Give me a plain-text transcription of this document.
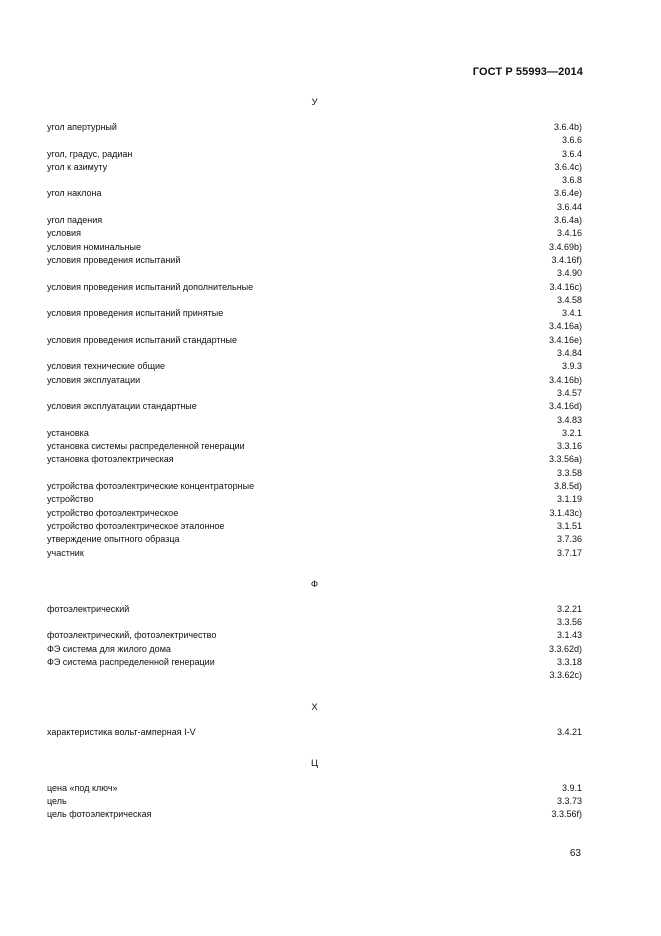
ГОСТ Р 55993—2014
У
угол апертурный	3.6.4b)
3.6.6
угол, градус, радиан	3.6.4
угол к азимуту	3.6.4c)
3.6.8
угол наклона	3.6.4e)
3.6.44
угол падения	3.6.4a)
условия	3.4.16
условия номинальные	3.4.69b)
условия проведения испытаний	3.4.16f)
3.4.90
условия проведения испытаний дополнительные	3.4.16c)
3.4.58
условия проведения испытаний принятые	3.4.1
3.4.16a)
условия проведения испытаний стандартные	3.4.16e)
3.4.84
условия технические общие	3.9.3
условия эксплуатации	3.4.16b)
3.4.57
условия эксплуатации стандартные	3.4.16d)
3.4.83
установка	3.2.1
установка системы распределенной генерации	3.3.16
установка фотоэлектрическая	3.3.56a)
3.3.58
устройства фотоэлектрические концентраторные	3.8.5d)
устройство	3.1.19
устройство фотоэлектрическое	3.1.43c)
устройство фотоэлектрическое эталонное	3.1.51
утверждение опытного образца	3.7.36
участник	3.7.17
Ф
фотоэлектрический	3.2.21
3.3.56
фотоэлектрический, фотоэлектричество	3.1.43
ФЭ система для жилого дома	3.3.62d)
ФЭ система распределенной генерации	3.3.18
3.3.62c)
Х
характеристика вольт-амперная I-V	3.4.21
Ц
цена «под ключ»	3.9.1
цель	3.3.73
цель фотоэлектрическая	3.3.56f)
63
